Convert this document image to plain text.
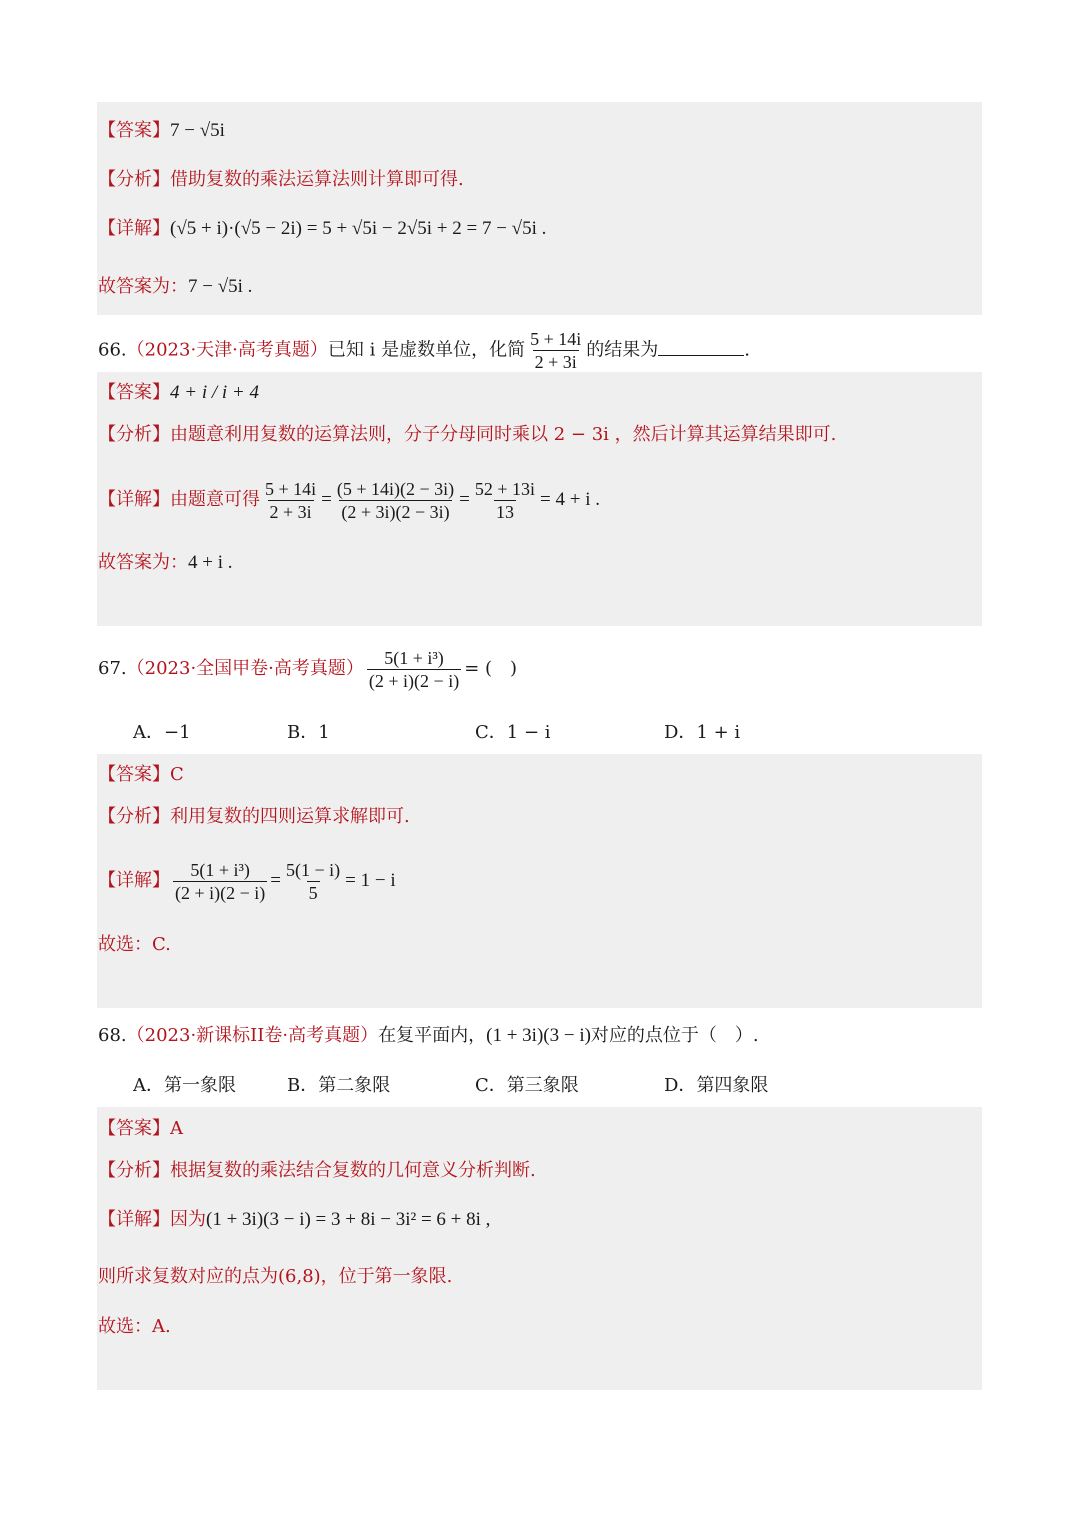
【答案】7 − √5i
【分析】借助复数的乘法运算法则计算即可得.
【详解】(√5 + i)·(√5 − 2i) = 5 + √5i − 2√5i + 2 = 7 − √5i .
故答案为：7 − √5i .
66.（2023·天津·高考真题）已知 i 是虚数单位，化简 $\frac{5 + 14i}{2 + 3i}$ 的结果为	.
【答案】4 + i / i + 4
【分析】由题意利用复数的运算法则，分子分母同时乘以 2 − 3i ，然后计算其运算结果即可.
【详解】由题意可得 $\frac{5 + 14i}{2 + 3i} = \frac{(5 + 14i)(2 - 3i)}{(2 + 3i)(2 - 3i)} = \frac{52 + 13i}{13} = 4 + i$ .
故答案为：4 + i .
67.（2023·全国甲卷·高考真题） $\frac{\text{5(1 + i³)}}{(2 + i)(2 - i)}$ = (　)
A．−1	B．1	C．1 − i	D．1 + i
【答案】C
【分析】利用复数的四则运算求解即可.
【详解】 $\frac{\text{5(1 + i³)}}{(2 + i)(2 - i)} = \frac{5(1 - i)}{5} = 1 - i$
故选：C.
68.（2023·新课标II卷·高考真题）在复平面内，(1 + 3i)(3 − i)对应的点位于（　）.
A．第一象限	B．第二象限	C．第三象限	D．第四象限
【答案】A
【分析】根据复数的乘法结合复数的几何意义分析判断.
【详解】因为(1 + 3i)(3 − i) = 3 + 8i − 3i² = 6 + 8i ,
则所求复数对应的点为(6,8)，位于第一象限.
故选：A.
